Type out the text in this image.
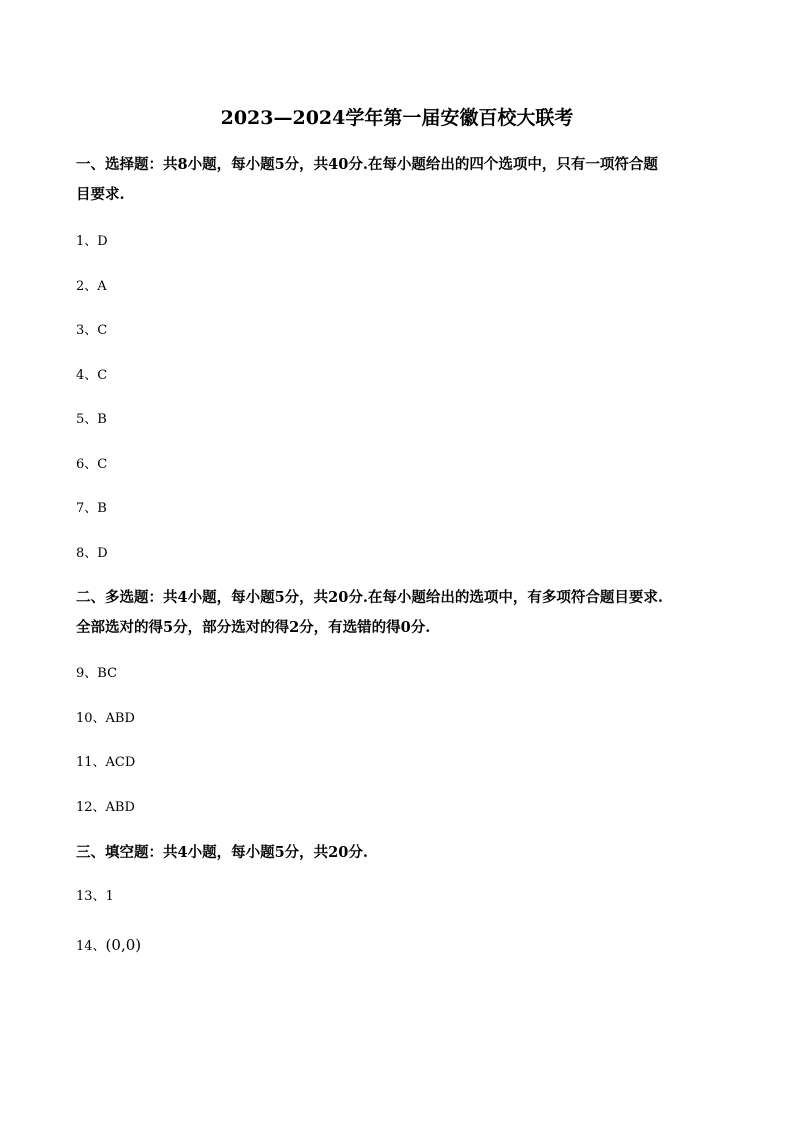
2023—2024学年第一届安徽百校大联考
一、选择题：共8小题，每小题5分，共40分.在每小题给出的四个选项中，只有一项符合题
目要求.
1、D
2、A
3、C
4、C
5、B
6、C
7、B
8、D
二、多选题：共4小题，每小题5分，共20分.在每小题给出的选项中，有多项符合题目要求.
全部选对的得5分，部分选对的得2分，有选错的得0分.
9、BC
10、ABD
11、ACD
12、ABD
三、填空题：共4小题，每小题5分，共20分.
13、1
14、(0,0)
